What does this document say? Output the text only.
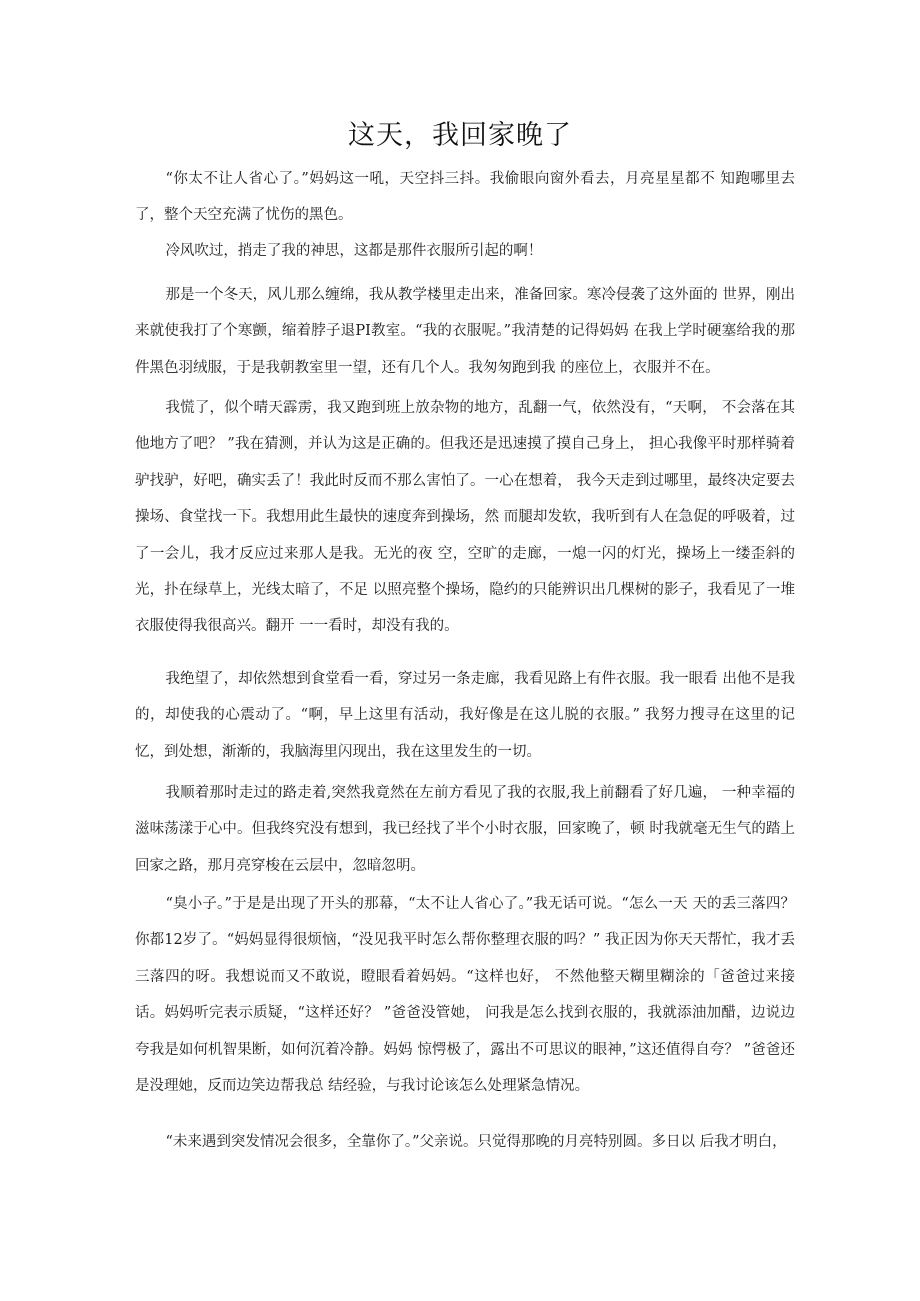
这天，我回家晚了

“你太不让人省心了。”妈妈这一吼，天空抖三抖。我偷眼向窗外看去，月亮星星都不 知跑哪里去了，整个天空充满了忧伤的黑色。

冷风吹过，捎走了我的神思，这都是那件衣服所引起的啊！

那是一个冬天，风儿那么缠绵，我从教学楼里走出来，准备回家。寒冷侵袭了这外面的 世界，刚出来就使我打了个寒颤，缩着脖子退PI教室。“我的衣服呢。”我清楚的记得妈妈 在我上学时硬塞给我的那件黑色羽绒服，于是我朝教室里一望，还有几个人。我匆匆跑到我 的座位上，衣服并不在。

我慌了，似个晴天霹雳，我又跑到班上放杂物的地方，乱翻一气，依然没有，“天啊， 不会落在其他地方了吧？ ”我在猜测，并认为这是正确的。但我还是迅速摸了摸自己身上， 担心我像平时那样骑着驴找驴，好吧，确实丢了！我此时反而不那么害怕了。一心在想着， 我今天走到过哪里，最终决定要去操场、食堂找一下。我想用此生最快的速度奔到操场，然 而腿却发软，我听到有人在急促的呼吸着，过了一会儿，我才反应过来那人是我。无光的夜 空，空旷的走廊，一熄一闪的灯光，操场上一缕歪斜的光，扑在绿草上，光线太暗了，不足 以照亮整个操场，隐约的只能辨识出几棵树的影子，我看见了一堆衣服使得我很高兴。翻开 一一看时，却没有我的。

我绝望了，却依然想到食堂看一看，穿过另一条走廊，我看见路上有件衣服。我一眼看 出他不是我的，却使我的心震动了。“啊，早上这里有活动，我好像是在这儿脱的衣服。” 我努力搜寻在这里的记忆，到处想，渐渐的，我脑海里闪现出，我在这里发生的一切。

我顺着那时走过的路走着,突然我竟然在左前方看见了我的衣服,我上前翻看了好几遍， 一种幸福的滋味荡漾于心中。但我终究没有想到，我已经找了半个小时衣服，回家晚了，顿 时我就毫无生气的踏上回家之路，那月亮穿梭在云层中，忽暗忽明。

“臭小子。”于是是出现了开头的那幕，“太不让人省心了。”我无话可说。“怎么一天 天的丢三落四？你都12岁了。“妈妈显得很烦恼，“没见我平时怎么帮你整理衣服的吗？” 我正因为你天天帮忙，我才丢三落四的呀。我想说而又不敢说，瞪眼看着妈妈。“这样也好， 不然他整天糊里糊涂的「爸爸过来接话。妈妈听完表示质疑，“这样还好？ ”爸爸没管她， 问我是怎么找到衣服的，我就添油加醋，边说边夸我是如何机智果断，如何沉着冷静。妈妈 惊愕极了，露出不可思议的眼神，”这还值得自夸？ ”爸爸还是没理她，反而边笑边帮我总 结经验，与我讨论该怎么处理紧急情况。

“未来遇到突发情况会很多，全靠你了。”父亲说。只觉得那晚的月亮特别圆。多日以 后我才明白，
